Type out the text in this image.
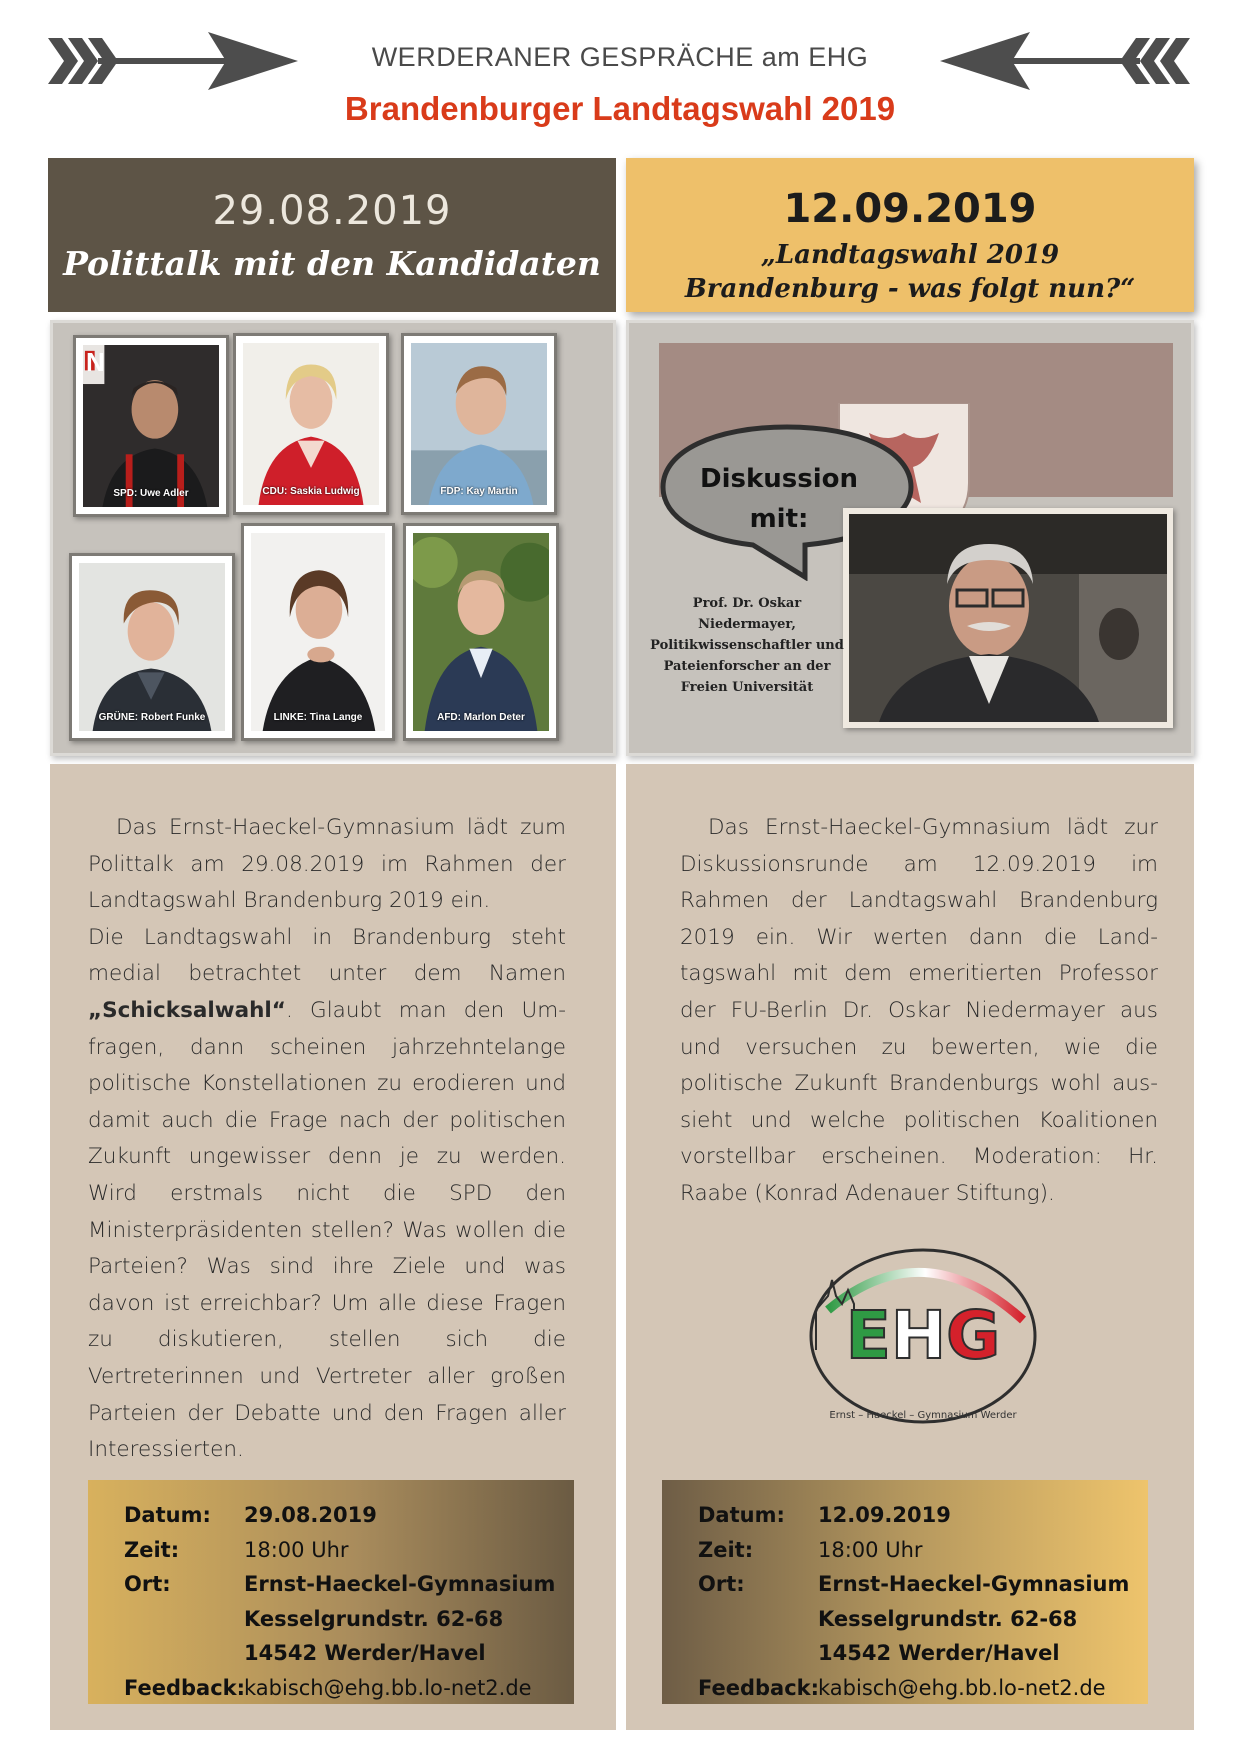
WERDERANER GESPRÄCHE am EHG
Brandenburger Landtagswahl 2019
29.08.2019
Polittalk mit den Kandidaten
12.09.2019
„Landtagswahl 2019 Brandenburg - was folgt nun?“
N
SPD: Uwe Adler	CDU: Saskia Ludwig	FDP: Kay Martin
GRÜNE: Robert Funke	LINKE: Tina Lange	AFD: Marlon Deter
Diskussion
mit:
Prof. Dr. Oskar Niedermayer, Politikwissenschaftler und Pateienforscher an der Freien Universität

Das Ernst-Haeckel-Gymnasium lädt zum Polittalk am 29.08.2019 im Rahmen der Landtagswahl Brandenburg 2019 ein.

Die Landtagswahl in Brandenburg steht medial betrachtet unter dem Namen „Schicksalwahl“. Glaubt man den Um-fragen, dann scheinen jahrzehntelange politische Konstellationen zu erodieren und damit auch die Frage nach der politischen Zukunft ungewisser denn je zu werden. Wird erstmals nicht die SPD den Ministerpräsidenten stellen? Was wollen die Parteien? Was sind ihre Ziele und was davon ist erreichbar? Um alle diese Fragen zu diskutieren, stellen sich die Vertreterinnen und Vertreter aller großen Parteien der Debatte und den Fragen aller Interessierten.

Datum:	29.08.2019
Zeit:	18:00 Uhr
Ort:	Ernst-Haeckel-Gymnasium
Kesselgrundstr. 62-68
14542 Werder/Havel
Feedback:
kabisch@ehg.bb.lo-net2.de

Das Ernst-Haeckel-Gymnasium lädt zur Diskussionsrunde am 12.09.2019 im Rahmen der Landtagswahl Brandenburg 2019 ein. Wir werten dann die Land-tagswahl mit dem emeritierten Professor der FU-Berlin Dr. Oskar Niedermayer aus und versuchen zu bewerten, wie die politische Zukunft Brandenburgs wohl aus-sieht und welche politischen Koalitionen vorstellbar erscheinen. Moderation: Hr. Raabe (Konrad Adenauer Stiftung).

EHG
Ernst – Haeckel – Gymnasium Werder
Datum:	12.09.2019
Zeit:	18:00 Uhr
Ort:	Ernst-Haeckel-Gymnasium
Kesselgrundstr. 62-68
14542 Werder/Havel
Feedback:
kabisch@ehg.bb.lo-net2.de
